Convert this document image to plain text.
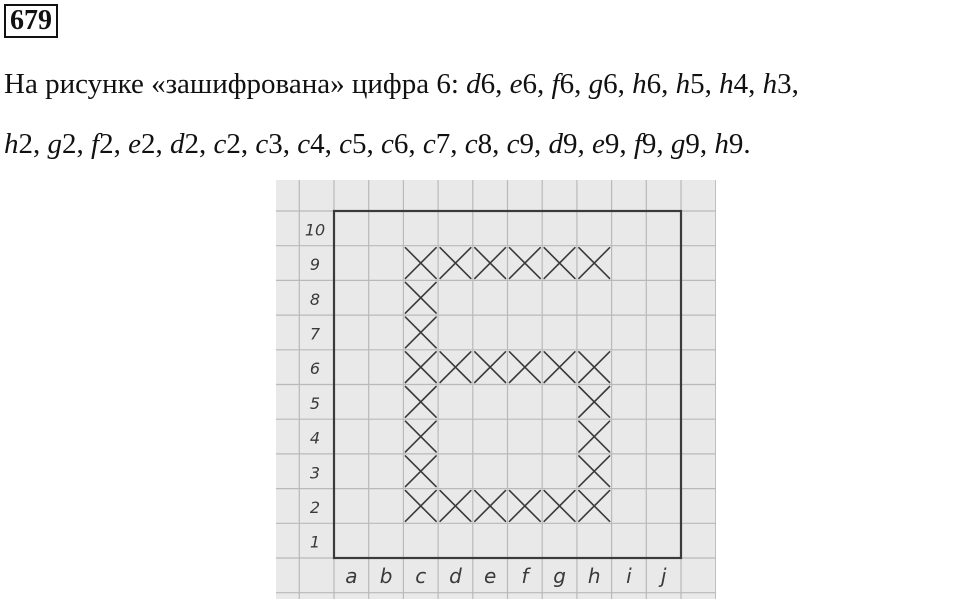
679
На рисунке «зашифрована» цифра 6: d6, e6, f6, g6, h6, h5, h4, h3,
h2, g2, f2, e2, d2, c2, c3, c4, c5, c6, c7, c8, c9, d9, e9, f9, g9, h9.
10
9
8
7
6
5
4
3
2
1
a b c d e f g h i j
